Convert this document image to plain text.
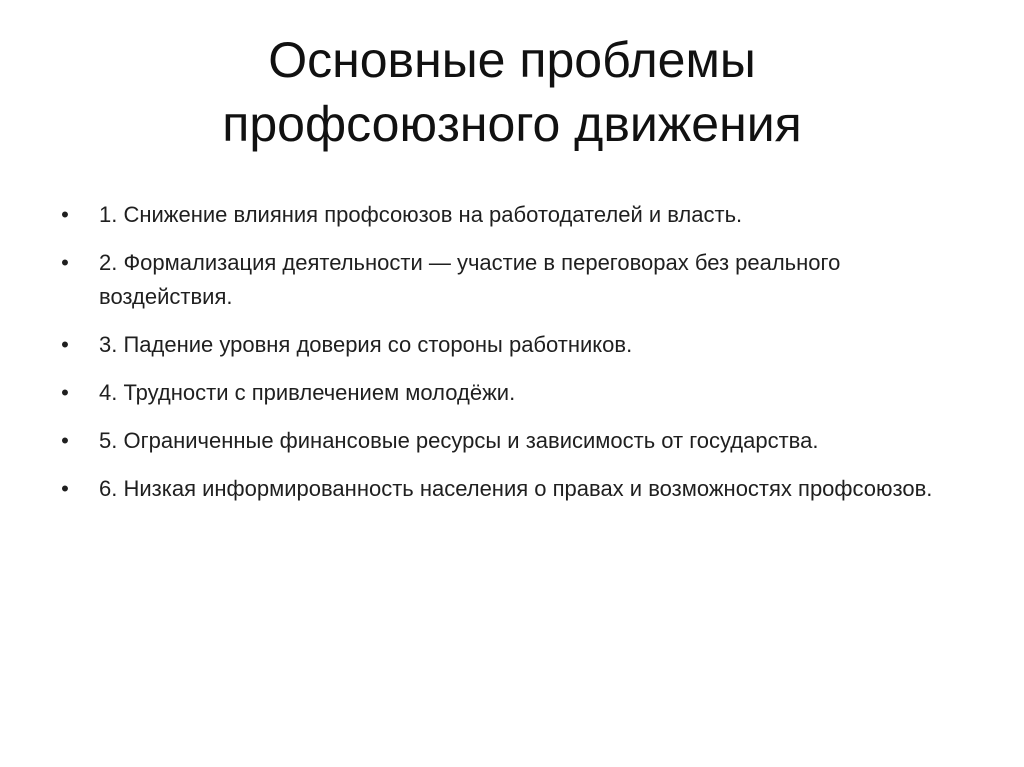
Основные проблемы
профсоюзного движения
• 1. Снижение влияния профсоюзов на работодателей и власть.
• 2. Формализация деятельности — участие в переговорах без реального воздействия.
• 3. Падение уровня доверия со стороны работников.
• 4. Трудности с привлечением молодёжи.
• 5. Ограниченные финансовые ресурсы и зависимость от государства.
• 6. Низкая информированность населения о правах и возможностях профсоюзов.
